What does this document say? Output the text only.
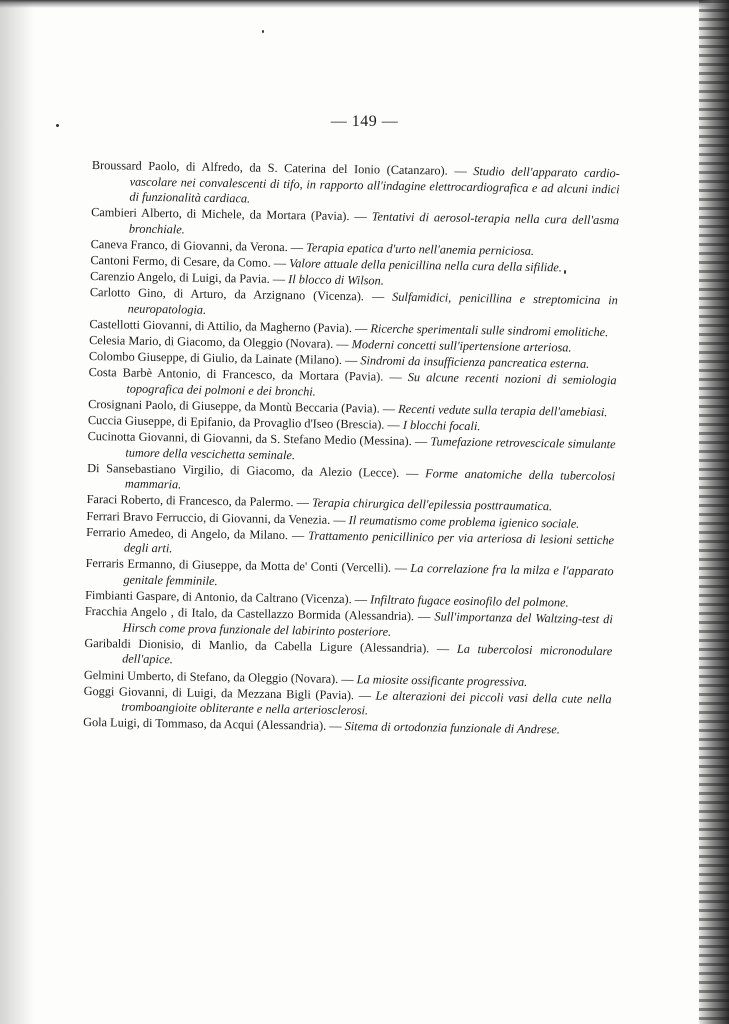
— 149 —

Broussard Paolo, di Alfredo, da S. Caterina del Ionio (Catanzaro). — Studio dell'apparato cardio-vascolare nei convalescenti di tifo, in rapporto all'indagine elettrocardiografica e ad alcuni indici di funzionalità cardiaca.

Cambieri Alberto, di Michele, da Mortara (Pavia). — Tentativi di aerosol-terapia nella cura dell'asma bronchiale.

Caneva Franco, di Giovanni, da Verona. — Terapia epatica d'urto nell'anemia perniciosa.

Cantoni Fermo, di Cesare, da Como. — Valore attuale della penicillina nella cura della sifilide.

Carenzio Angelo, di Luigi, da Pavia. — Il blocco di Wilson.

Carlotto Gino, di Arturo, da Arzignano (Vicenza). — Sulfamidici, penicillina e streptomicina in neuropatologia.

Castellotti Giovanni, di Attilio, da Magherno (Pavia). — Ricerche sperimentali sulle sindromi emolitiche.

Celesia Mario, di Giacomo, da Oleggio (Novara). — Moderni concetti sull'ipertensione arteriosa.

Colombo Giuseppe, di Giulio, da Lainate (Milano). — Sindromi da insufficienza pancreatica esterna.

Costa Barbè Antonio, di Francesco, da Mortara (Pavia). — Su alcune recenti nozioni di semiologia topografica dei polmoni e dei bronchi.

Crosignani Paolo, di Giuseppe, da Montù Beccaria (Pavia). — Recenti vedute sulla terapia dell'amebiasi.

Cuccia Giuseppe, di Epifanio, da Provaglio d'Iseo (Brescia). — I blocchi focali.

Cucinotta Giovanni, di Giovanni, da S. Stefano Medio (Messina). — Tumefazione retrovescicale simulante tumore della vescichetta seminale.

Di Sansebastiano Virgilio, di Giacomo, da Alezio (Lecce). — Forme anatomiche della tubercolosi mammaria.

Faraci Roberto, di Francesco, da Palermo. — Terapia chirurgica dell'epilessia posttraumatica.

Ferrari Bravo Ferruccio, di Giovanni, da Venezia. — Il reumatismo come problema igienico sociale.

Ferrario Amedeo, di Angelo, da Milano. — Trattamento penicillinico per via arteriosa di lesioni settiche degli arti.

Ferraris Ermanno, di Giuseppe, da Motta de' Conti (Vercelli). — La correlazione fra la milza e l'apparato genitale femminile.

Fimbianti Gaspare, di Antonio, da Caltrano (Vicenza). — Infiltrato fugace eosinofilo del polmone.

Fracchia Angelo , di Italo, da Castellazzo Bormida (Alessandria). — Sull'importanza del Waltzing-test di Hirsch come prova funzionale del labirinto posteriore.

Garibaldi Dionisio, di Manlio, da Cabella Ligure (Alessandria). — La tubercolosi micronodulare dell'apice.

Gelmini Umberto, di Stefano, da Oleggio (Novara). — La miosite ossificante progressiva.

Goggi Giovanni, di Luigi, da Mezzana Bigli (Pavia). — Le alterazioni dei piccoli vasi della cute nella tromboangioite obliterante e nella arteriosclerosi.

Gola Luigi, di Tommaso, da Acqui (Alessandria). — Sitema di ortodonzia funzionale di Andrese.
